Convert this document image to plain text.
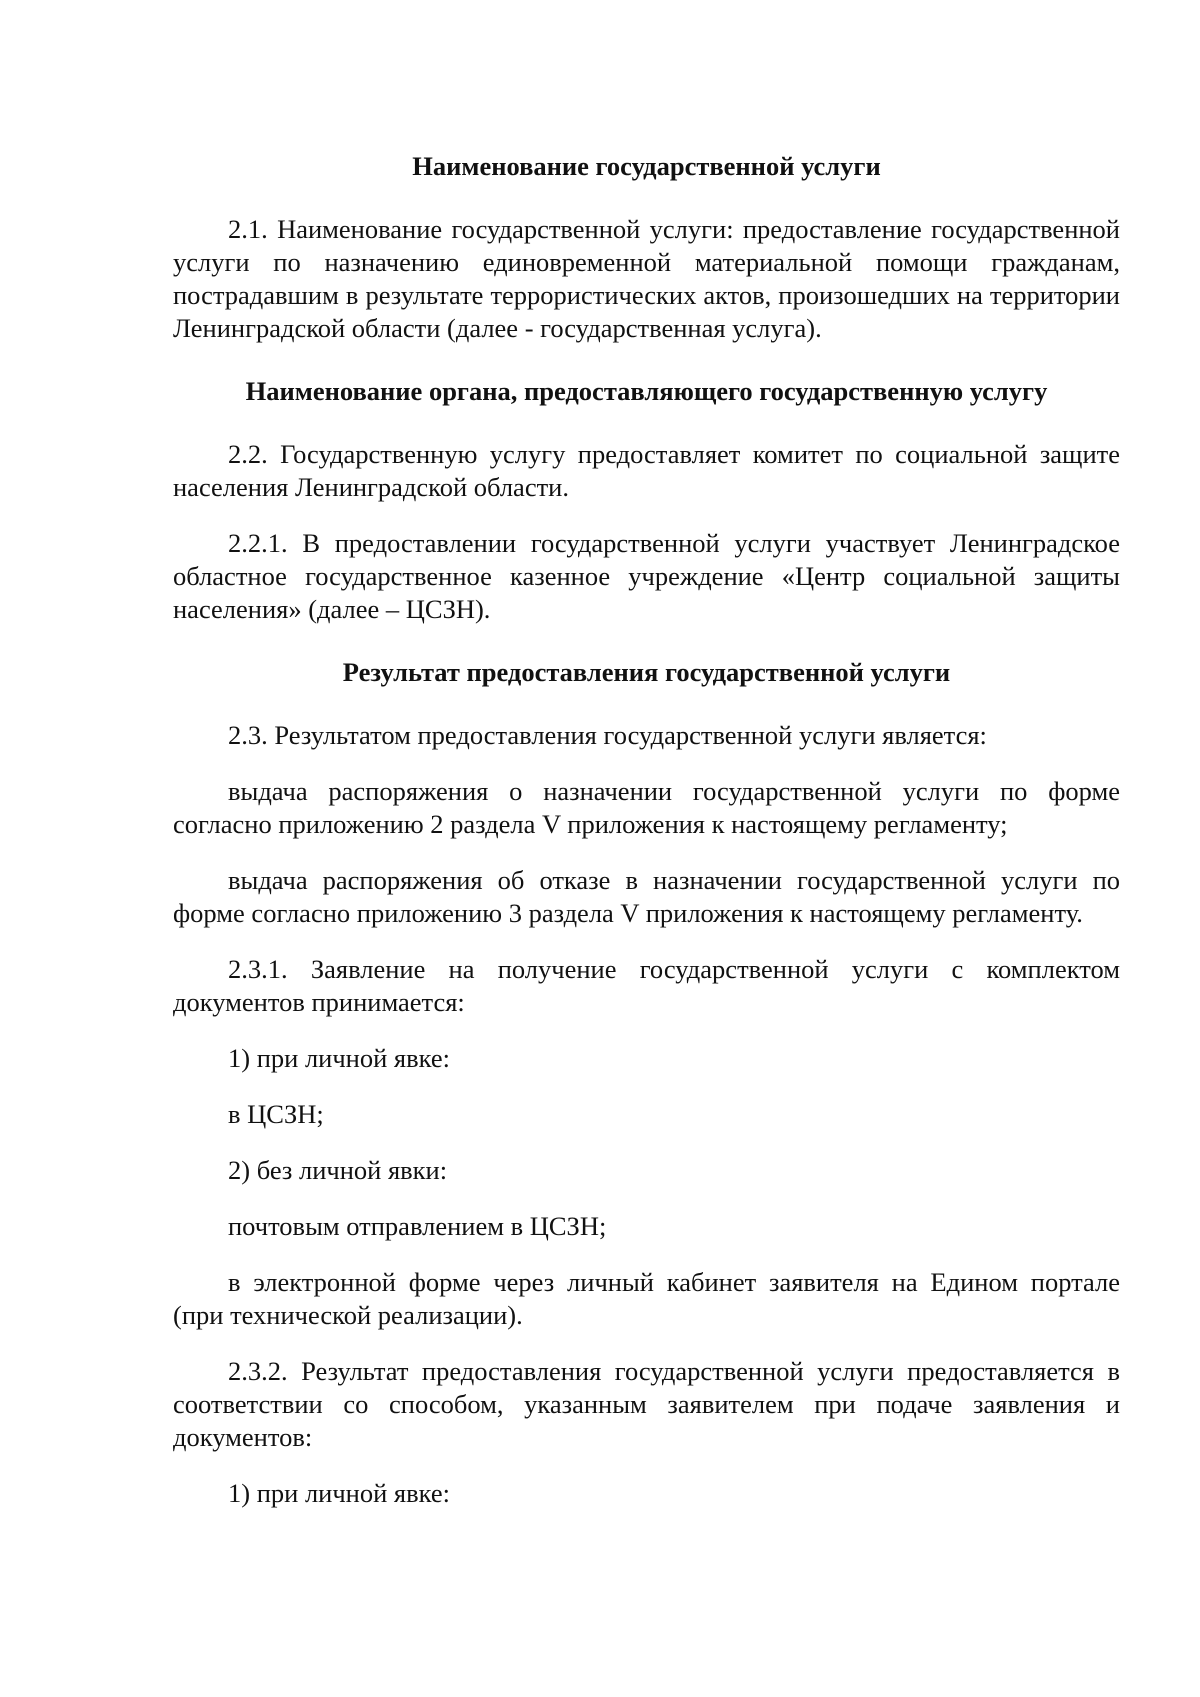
Наименование государственной услуги

2.1. Наименование государственной услуги: предоставление государственной услуги по назначению единовременной материальной помощи гражданам, пострадавшим в результате террористических актов, произошедших на территории Ленинградской области (далее - государственная услуга).

Наименование органа, предоставляющего государственную услугу

2.2. Государственную услугу предоставляет комитет по социальной защите населения Ленинградской области.

2.2.1. В предоставлении государственной услуги участвует Ленинградское областное государственное казенное учреждение «Центр социальной защиты населения» (далее – ЦСЗН).

Результат предоставления государственной услуги

2.3. Результатом предоставления государственной услуги является:

выдача распоряжения о назначении государственной услуги по форме согласно приложению 2 раздела V приложения к настоящему регламенту;

выдача распоряжения об отказе в назначении государственной услуги по форме согласно приложению 3 раздела V приложения к настоящему регламенту.

2.3.1. Заявление на получение государственной услуги с комплектом документов принимается:

1) при личной явке:

в ЦСЗН;

2) без личной явки:

почтовым отправлением в ЦСЗН;

в электронной форме через личный кабинет заявителя на Едином портале (при технической реализации).

2.3.2. Результат предоставления государственной услуги предоставляется в соответствии со способом, указанным заявителем при подаче заявления и документов:

1) при личной явке:
